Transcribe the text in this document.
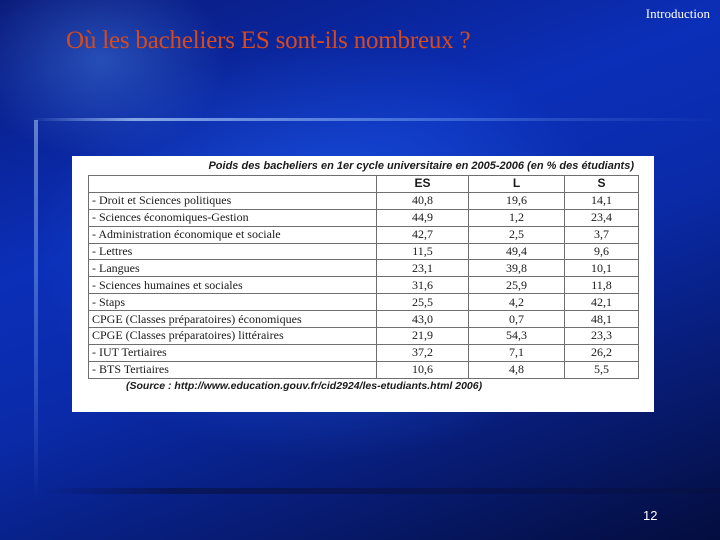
Introduction
Où les bacheliers ES sont-ils nombreux ?
Poids des bacheliers en 1er cycle universitaire en 2005-2006 (en % des étudiants)
	ES	L	S
- Droit et Sciences politiques	40,8	19,6	14,1
- Sciences économiques-Gestion	44,9	1,2	23,4
- Administration économique et sociale	42,7	2,5	3,7
- Lettres	11,5	49,4	9,6
- Langues	23,1	39,8	10,1
- Sciences humaines et sociales	31,6	25,9	11,8
- Staps	25,5	4,2	42,1
CPGE (Classes préparatoires) économiques	43,0	0,7	48,1
CPGE (Classes préparatoires) littéraires	21,9	54,3	23,3
- IUT Tertiaires	37,2	7,1	26,2
- BTS Tertiaires	10,6	4,8	5,5
(Source : http://www.education.gouv.fr/cid2924/les-etudiants.html 2006)
12
